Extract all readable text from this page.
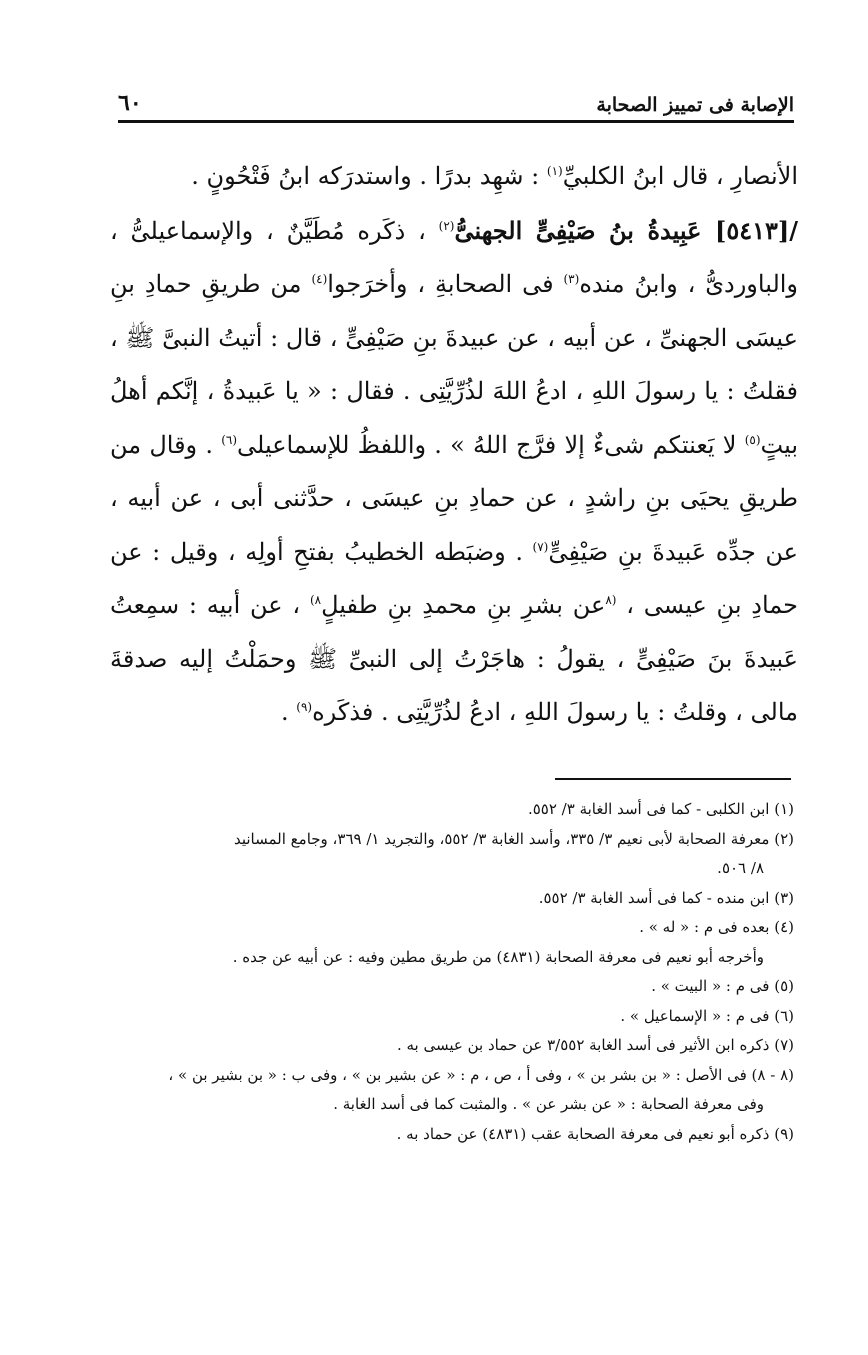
الإصابة فى تمييز الصحابة
٦٠

الأنصارِ ، قال ابنُ الكلبيِّ$^{(١)}$ : شهِد بدرًا . واستدرَكه ابنُ فَتْحُونٍ .

/[٥٤١٣] عَبِيدةُ بنُ صَيْفِىٍّ الجهنىُّ$^{(٢)}$ ، ذكَره مُطَيَّنٌ ، والإسماعيلىُّ ، والباوردىُّ ، وابنُ منده$^{(٣)}$ فى الصحابةِ ، وأخرَجوا$^{(٤)}$ من طريقِ حمادِ بنِ عيسَى الجهنىِّ ، عن أبيه ، عن عبيدةَ بنِ صَيْفِىٍّ ، قال : أتيتُ النبىَّ ﷺ ، فقلتُ : يا رسولَ اللهِ ، ادعُ اللهَ لذُرِّيَّتِى . فقال : « يا عَبيدةُ ، إنَّكم أهلُ بيتٍ$^{(٥)}$ لا يَعنتكم شىءٌ إلا فرَّج اللهُ » . واللفظُ للإسماعيلى$^{(٦)}$ . وقال من طريقِ يحيَى بنِ راشدٍ ، عن حمادِ بنِ عيسَى ، حدَّثنى أبى ، عن أبيه ، عن جدِّه عَبيدةَ بنِ صَيْفِىٍّ$^{(٧)}$ . وضبَطه الخطيبُ بفتحِ أولِه ، وقيل : عن حمادِ بنِ عيسى ، $^{(٨}$عن بشرِ بنِ محمدِ بنِ طفيلٍ$^{٨)}$ ، عن أبيه : سمِعتُ عَبيدةَ بنَ صَيْفِىٍّ ، يقولُ : هاجَرْتُ إلى النبىِّ ﷺ وحمَلْتُ إليه صدقةَ مالى ، وقلتُ : يا رسولَ اللهِ ، ادعُ لذُرِّيَّتِى . فذكَره$^{(٩)}$ .

(١) ابن الكلبى - كما فى أسد الغابة ٣/ ٥٥٢.

(٢) معرفة الصحابة لأبى نعيم ٣/ ٣٣٥، وأسد الغابة ٣/ ٥٥٢، والتجريد ١/ ٣٦٩، وجامع المسانيد

٨/ ٥٠٦.

(٣) ابن منده - كما فى أسد الغابة ٣/ ٥٥٢.

(٤) بعده فى م : « له » .

وأخرجه أبو نعيم فى معرفة الصحابة (٤٨٣١) من طريق مطين وفيه : عن أبيه عن جده .

(٥) فى م : « البيت » .

(٦) فى م : « الإسماعيل » .

(٧) ذكره ابن الأثير فى أسد الغابة ٣/٥٥٢ عن حماد بن عيسى به .

(٨ - ٨) فى الأصل : « بن بشر بن » ، وفى أ ، ص ، م : « عن بشير بن » ، وفى ب : « بن بشير بن » ،

وفى معرفة الصحابة : « عن بشر عن » . والمثبت كما فى أسد الغابة .

(٩) ذكره أبو نعيم فى معرفة الصحابة عقب (٤٨٣١) عن حماد به .
